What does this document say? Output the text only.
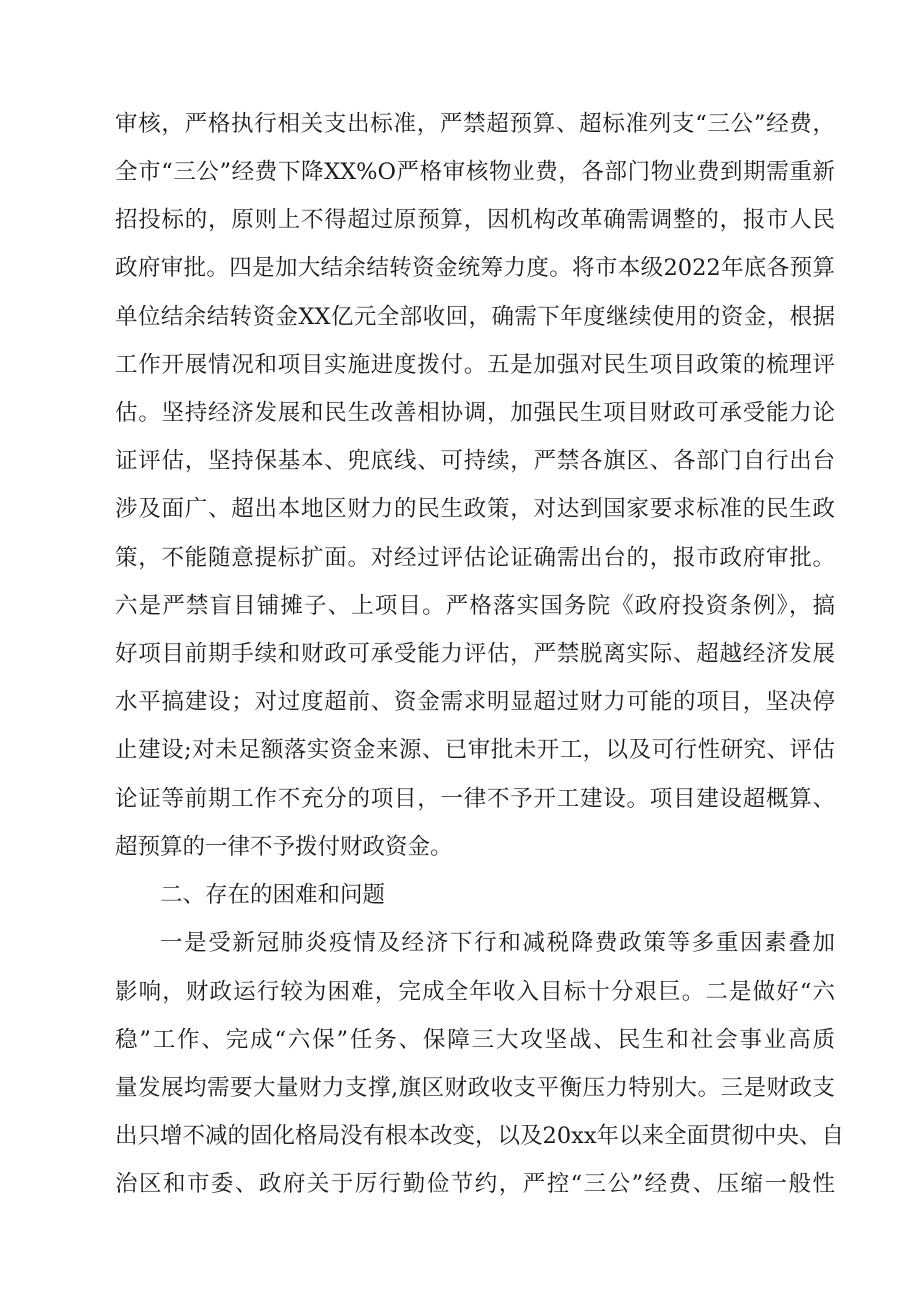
审核，严格执行相关支出标准，严禁超预算、超标准列支“三公”经费，
全市“三公”经费下降XX%O严格审核物业费，各部门物业费到期需重新
招投标的，原则上不得超过原预算，因机构改革确需调整的，报市人民
政府审批。四是加大结余结转资金统筹力度。将市本级2022年底各预算
单位结余结转资金XX亿元全部收回，确需下年度继续使用的资金，根据
工作开展情况和项目实施进度拨付。五是加强对民生项目政策的梳理评
估。坚持经济发展和民生改善相协调，加强民生项目财政可承受能力论
证评估，坚持保基本、兜底线、可持续，严禁各旗区、各部门自行出台
涉及面广、超出本地区财力的民生政策，对达到国家要求标准的民生政
策，不能随意提标扩面。对经过评估论证确需出台的，报市政府审批。
六是严禁盲目铺摊子、上项目。严格落实国务院《政府投资条例》，搞
好项目前期手续和财政可承受能力评估，严禁脱离实际、超越经济发展
水平搞建设；对过度超前、资金需求明显超过财力可能的项目，坚决停
止建设;对未足额落实资金来源、已审批未开工，以及可行性研究、评估
论证等前期工作不充分的项目，一律不予开工建设。项目建设超概算、
超预算的一律不予拨付财政资金。
二、存在的困难和问题
一是受新冠肺炎疫情及经济下行和减税降费政策等多重因素叠加
影响，财政运行较为困难，完成全年收入目标十分艰巨。二是做好“六
稳”工作、完成“六保”任务、保障三大攻坚战、民生和社会事业高质
量发展均需要大量财力支撑,旗区财政收支平衡压力特别大。三是财政支
出只增不减的固化格局没有根本改变，以及20xx年以来全面贯彻中央、自
治区和市委、政府关于厉行勤俭节约，严控“三公”经费、压缩一般性
